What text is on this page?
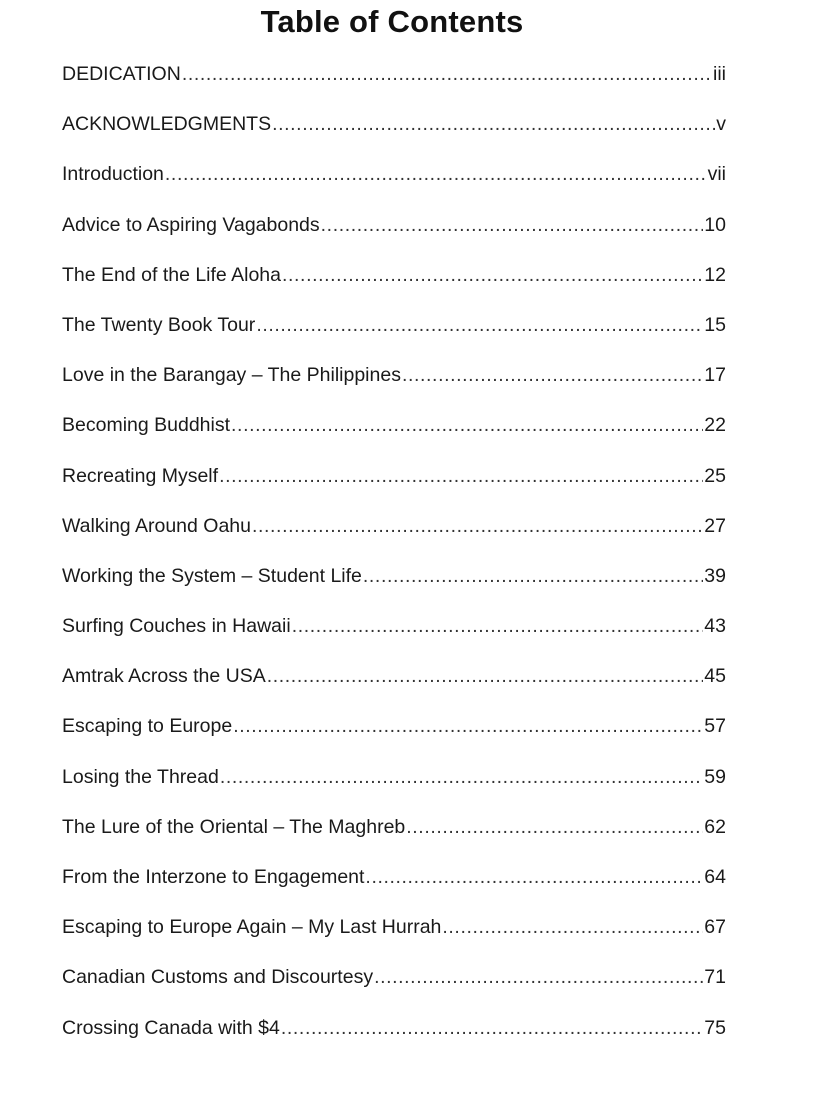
Table of Contents
DEDICATION .....	iii
ACKNOWLEDGMENTS .....	v
Introduction .....	vii
Advice to Aspiring Vagabonds .....	10
The End of the Life Aloha .....	12
The Twenty Book Tour .....	15
Love in the Barangay – The Philippines .....	17
Becoming Buddhist .....	22
Recreating Myself .....	25
Walking Around Oahu .....	27
Working the System – Student Life .....	39
Surfing Couches in Hawaii .....	43
Amtrak Across the USA .....	45
Escaping to Europe .....	57
Losing the Thread .....	59
The Lure of the Oriental – The Maghreb .....	62
From the Interzone to Engagement .....	64
Escaping to Europe Again – My Last Hurrah .....	67
Canadian Customs and Discourtesy .....	71
Crossing Canada with $4 .....	75
